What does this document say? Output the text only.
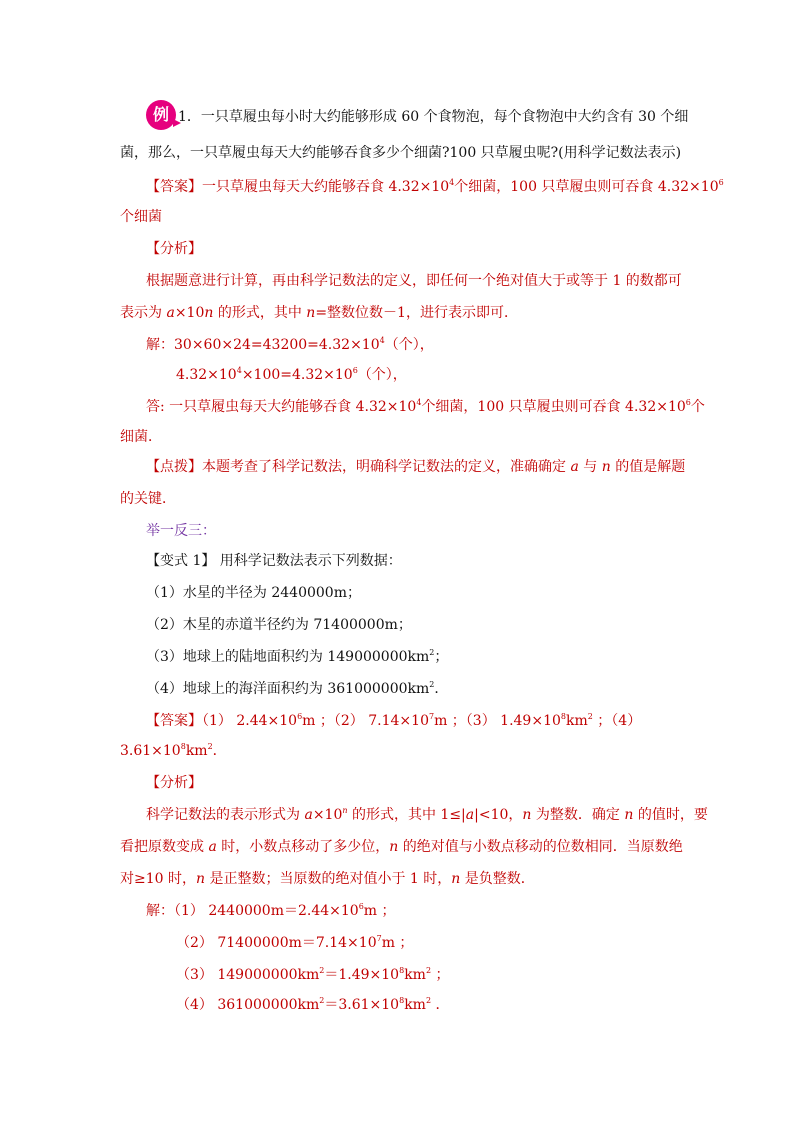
例 1．一只草履虫每小时大约能够形成 60 个食物泡，每个食物泡中大约含有 30 个细
菌，那么，一只草履虫每天大约能够吞食多少个细菌?100 只草履虫呢?(用科学记数法表示)
【答案】一只草履虫每天大约能够吞食 $4.32\times 10^4$个细菌，100 只草履虫则可吞食 $4.32\times 10^6$
个细菌
【分析】
根据题意进行计算，再由科学记数法的定义，即任何一个绝对值大于或等于 1 的数都可
表示为 a×10n 的形式，其中 n=整数位数－1，进行表示即可．
解：$30\times 60\times 24=43200=4.32\times 10^4$（个），
$4.32\times 10^4\times 100=4.32\times 10^6$（个），
答: 一只草履虫每天大约能够吞食 $4.32\times 10^4$个细菌，100 只草履虫则可吞食 $4.32\times 10^6$个
细菌．
【点拨】本题考查了科学记数法，明确科学记数法的定义，准确确定 a 与 n 的值是解题
的关键．
举一反三：
【变式 1】 用科学记数法表示下列数据：
（1）水星的半径为 2440000m；
（2）木星的赤道半径约为 71400000m；
（3）地球上的陆地面积约为 $149000000km^2$；
（4）地球上的海洋面积约为 $361000000km^2$．
【答案】（1） $2.44\times 10^6m$ ；（2） $7.14\times 10^7m$ ；（3） $1.49\times 10^8km^2$ ；（4）
$3.61\times 10^8km^2$．
【分析】
科学记数法的表示形式为 $a\times 10^n$ 的形式，其中 1≤|a|<10，n 为整数．确定 n 的值时，要
看把原数变成 a 时，小数点移动了多少位，n 的绝对值与小数点移动的位数相同．当原数绝
对≥10 时，n 是正整数；当原数的绝对值小于 1 时，n 是负整数．
解：（1） $2440000m=2.44\times 10^6m$ ；
（2） $71400000m=7.14\times 10^7m$ ；
（3） $149000000km^2=1.49\times 10^8km^2$ ；
（4） $361000000km^2=3.61\times 10^8km^2$ ．
